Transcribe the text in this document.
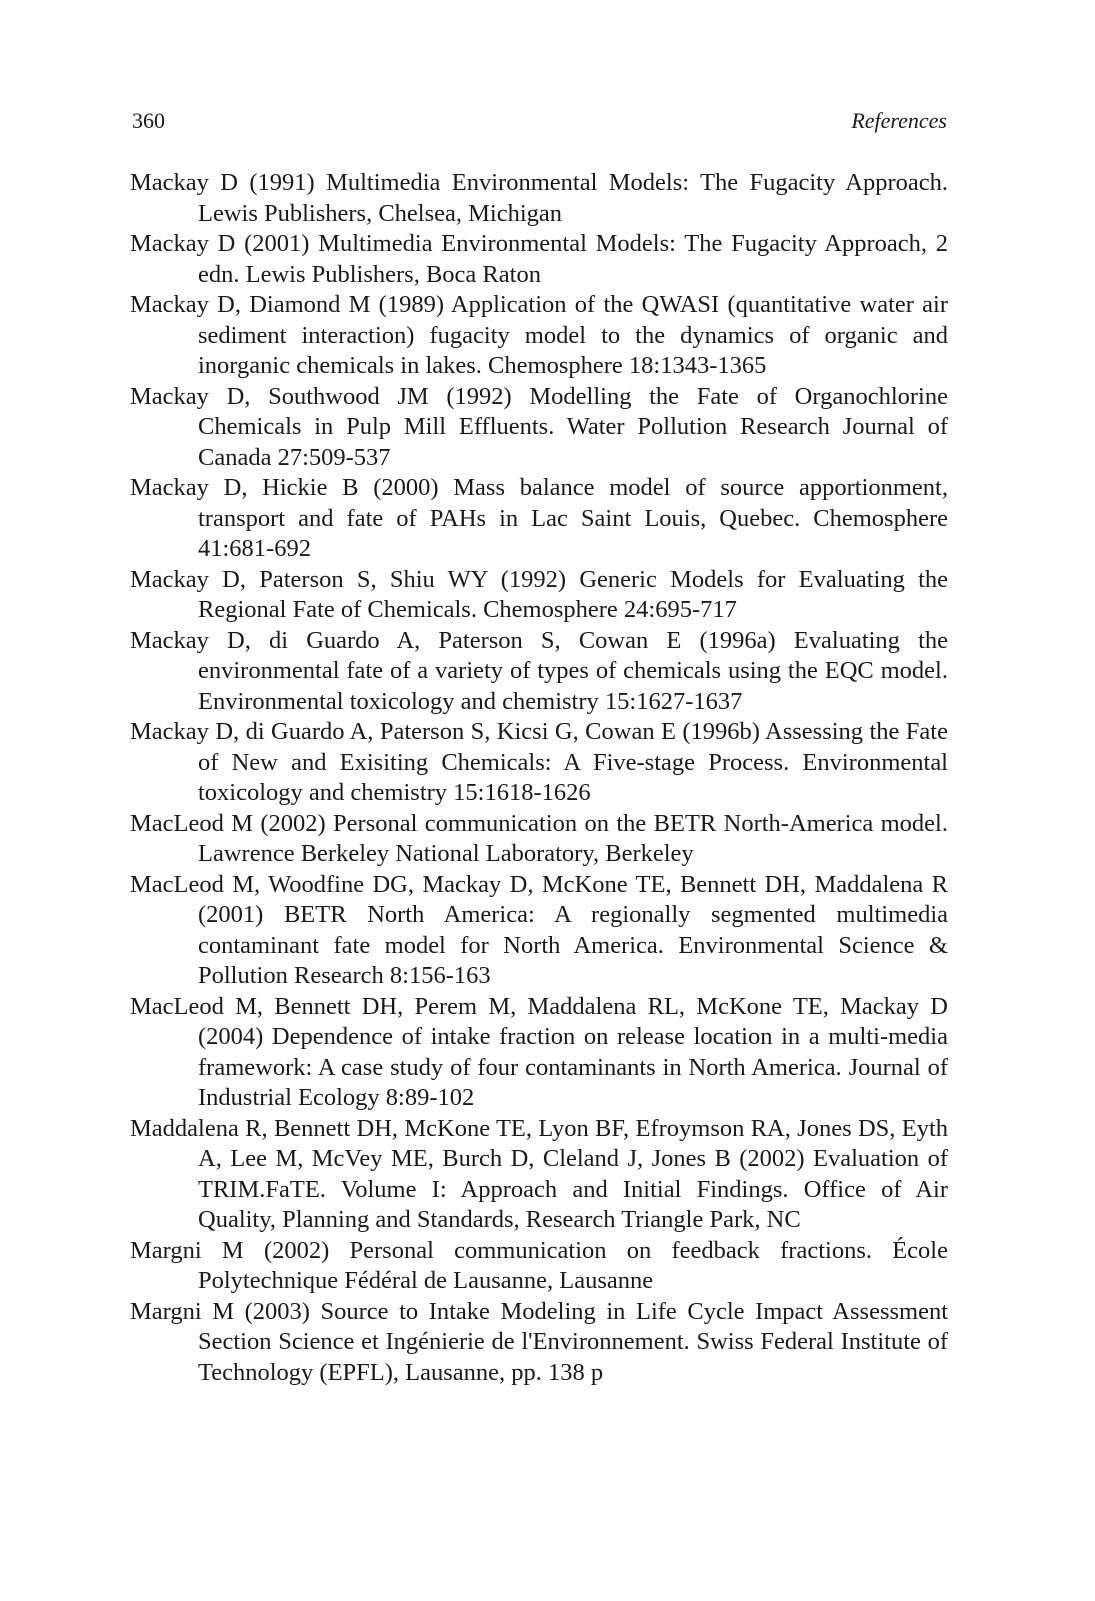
360	References

Mackay D (1991) Multimedia Environmental Models: The Fugacity Approach. Lewis Publishers, Chelsea, Michigan

Mackay D (2001) Multimedia Environmental Models: The Fugacity Approach, 2 edn. Lewis Publishers, Boca Raton

Mackay D, Diamond M (1989) Application of the QWASI (quantitative water air sediment interaction) fugacity model to the dynamics of organic and inorganic chemicals in lakes. Chemosphere 18:1343-1365

Mackay D, Southwood JM (1992) Modelling the Fate of Organochlorine Chemicals in Pulp Mill Effluents. Water Pollution Research Journal of Canada 27:509-537

Mackay D, Hickie B (2000) Mass balance model of source apportionment, transport and fate of PAHs in Lac Saint Louis, Quebec. Chemosphere 41:681-692

Mackay D, Paterson S, Shiu WY (1992) Generic Models for Evaluating the Regional Fate of Chemicals. Chemosphere 24:695-717

Mackay D, di Guardo A, Paterson S, Cowan E (1996a) Evaluating the environmental fate of a variety of types of chemicals using the EQC model. Environmental toxicology and chemistry 15:1627-1637

Mackay D, di Guardo A, Paterson S, Kicsi G, Cowan E (1996b) Assessing the Fate of New and Exisiting Chemicals: A Five-stage Process. Environmental toxicology and chemistry 15:1618-1626

MacLeod M (2002) Personal communication on the BETR North-America model. Lawrence Berkeley National Laboratory, Berkeley

MacLeod M, Woodfine DG, Mackay D, McKone TE, Bennett DH, Maddalena R (2001) BETR North America: A regionally segmented multimedia contaminant fate model for North America. Environmental Science & Pollution Research 8:156-163

MacLeod M, Bennett DH, Perem M, Maddalena RL, McKone TE, Mackay D (2004) Dependence of intake fraction on release location in a multi-media framework: A case study of four contaminants in North America. Journal of Industrial Ecology 8:89-102

Maddalena R, Bennett DH, McKone TE, Lyon BF, Efroymson RA, Jones DS, Eyth A, Lee M, McVey ME, Burch D, Cleland J, Jones B (2002) Evaluation of TRIM.FaTE. Volume I: Approach and Initial Findings. Office of Air Quality, Planning and Standards, Research Triangle Park, NC

Margni M (2002) Personal communication on feedback fractions. École Polytechnique Fédéral de Lausanne, Lausanne

Margni M (2003) Source to Intake Modeling in Life Cycle Impact Assessment Section Science et Ingénierie de l'Environnement. Swiss Federal Institute of Technology (EPFL), Lausanne, pp. 138 p
